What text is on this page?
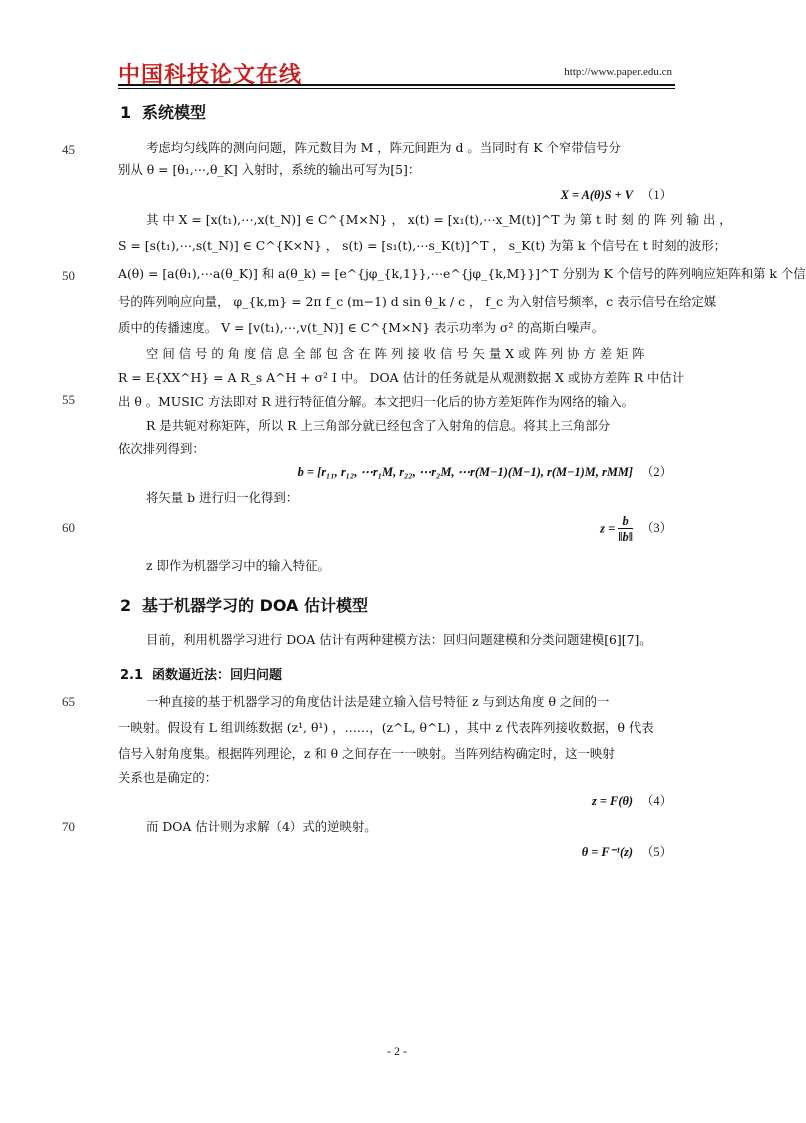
中国科技论文在线	http://www.paper.edu.cn
45
50
55
60
65
70
1 系统模型
考虑均匀线阵的测向问题，阵元数目为 M ，阵元间距为 d 。当同时有 K 个窄带信号分
别从 θ = [θ₁,⋯,θ_K] 入射时，系统的输出可写为[5]：
X = A(θ)S + V （1）
其 中 X = [x(t₁),⋯,x(t_N)] ∈ C^{M×N} ， x(t) = [x₁(t),⋯x_M(t)]^T 为 第 t 时 刻 的 阵 列 输 出 ，
S = [s(t₁),⋯,s(t_N)] ∈ C^{K×N} ， s(t) = [s₁(t),⋯s_K(t)]^T ， s_K(t) 为第 k 个信号在 t 时刻的波形；
A(θ) = [a(θ₁),⋯a(θ_K)] 和 a(θ_k) = [e^{jφ_{k,1}},⋯e^{jφ_{k,M}}]^T 分别为 K 个信号的阵列响应矩阵和第 k 个信
号的阵列响应向量， φ_{k,m} = 2π f_c (m−1) d sin θ_k / c ， f_c 为入射信号频率，c 表示信号在给定媒
质中的传播速度。 V = [v(t₁),⋯,v(t_N)] ∈ C^{M×N} 表示功率为 σ² 的高斯白噪声。
空 间 信 号 的 角 度 信 息 全 部 包 含 在 阵 列 接 收 信 号 矢 量 X 或 阵 列 协 方 差 矩 阵
R = E{XX^H} = A R_s A^H + σ² I 中。 DOA 估计的任务就是从观测数据 X 或协方差阵 R 中估计
出 θ 。MUSIC 方法即对 R 进行特征值分解。本文把归一化后的协方差矩阵作为网络的输入。
R 是共轭对称矩阵，所以 R 上三角部分就已经包含了入射角的信息。将其上三角部分
依次排列得到：
b = [r₁₁, r₁₂, ⋯r₁M, r₂₂, ⋯r₂M, ⋯r(M−1)(M−1), r(M−1)M, rMM] （2）
将矢量 b 进行归一化得到：
$z = \frac{b}{‖b‖} (3)$
z 即作为机器学习中的输入特征。
2 基于机器学习的 DOA 估计模型
目前，利用机器学习进行 DOA 估计有两种建模方法：回归问题建模和分类问题建模[6][7]。
2.1 函数逼近法：回归问题
一种直接的基于机器学习的角度估计法是建立输入信号特征 z 与到达角度 θ 之间的一
一映射。假设有 L 组训练数据 (z¹, θ¹) ，……，(z^L, θ^L) ，其中 z 代表阵列接收数据，θ 代表
信号入射角度集。根据阵列理论，z 和 θ 之间存在一一映射。当阵列结构确定时，这一映射
关系也是确定的：
z = F(θ) （4）
而 DOA 估计则为求解（4）式的逆映射。
θ = F⁻¹(z) （5）
- 2 -
